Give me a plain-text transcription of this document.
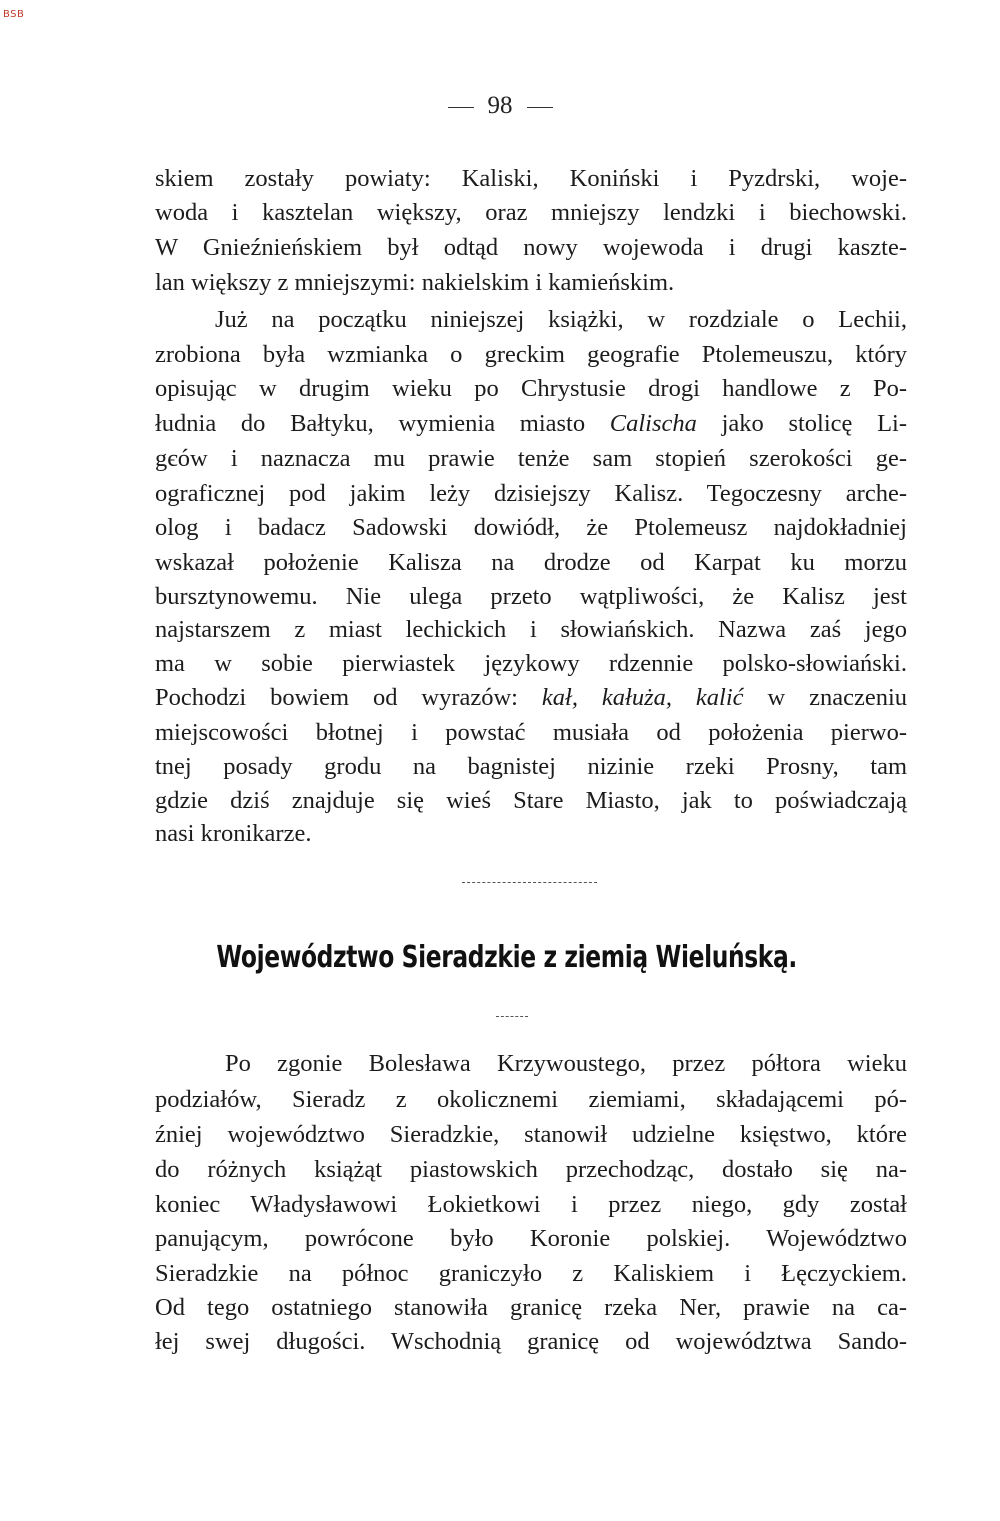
BSB
98
skiem zostały powiaty: Kaliski, Koniński i Pyzdrski, woje-
woda i kasztelan większy, oraz mniejszy lendzki i biechowski.
W Gnieźnieńskiem był odtąd nowy wojewoda i drugi kaszte-
lan większy z mniejszymi: nakielskim i kamieńskim.
Już na początku niniejszej książki, w rozdziale o Lechii,
zrobiona była wzmianka o greckim geografie Ptolemeuszu, który
opisując w drugim wieku po Chrystusie drogi handlowe z Po-
łudnia do Bałtyku, wymienia miasto Calischa jako stolicę Li-
gєów i naznacza mu prawie tenże sam stopień szerokości ge-
ograficznej pod jakim leży dzisiejszy Kalisz. Tegoczesny arche-
olog i badacz Sadowski dowiódł, że Ptolemeusz najdokładniej
wskazał położenie Kalisza na drodze od Karpat ku morzu
bursztynowemu. Nie ulega przeto wątpliwości, że Kalisz jest
najstarszem z miast lechickich i słowiańskich. Nazwa zaś jego
ma w sobie pierwiastek językowy rdzennie polsko-słowiański.
Pochodzi bowiem od wyrazów: kał, kałuża, kalić w znaczeniu
miejscowości błotnej i powstać musiała od położenia pierwo-
tnej posady grodu na bagnistej nizinie rzeki Prosny, tam
gdzie dziś znajduje się wieś Stare Miasto, jak to poświadczają
nasi kronikarze.
Województwo Sieradzkie z ziemią Wieluńską.
Po zgonie Bolesława Krzywoustego, przez półtora wieku
podziałów, Sieradz z okolicznemi ziemiami, składającemi pó-
źniej województwo Sieradzkie, stanowił udzielne księstwo, które
do różnych książąt piastowskich przechodząc, dostało się na-
koniec Władysławowi Łokietkowi i przez niego, gdy został
panującym, powrócone było Koronie polskiej. Województwo
Sieradzkie na północ graniczyło z Kaliskiem i Łęczyckiem.
Od tego ostatniego stanowiła granicę rzeka Ner, prawie na ca-
łej swej długości. Wschodnią granicę od województwa Sando-
